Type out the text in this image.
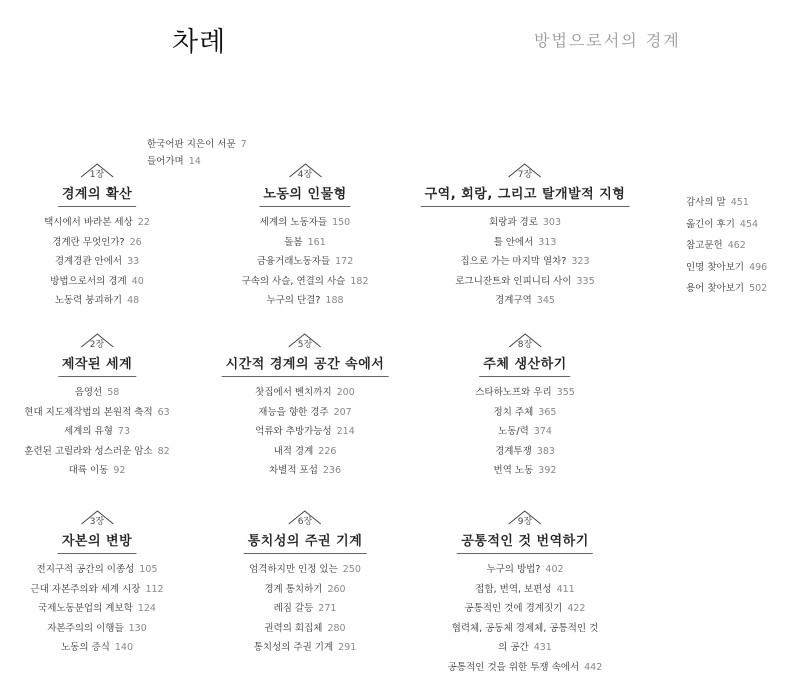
차례	방법으로서의 경계
한국어판 지은이 서문 7
들어가며 14
1장
경계의 확산
택시에서 바라본 세상 22
경계란 무엇인가? 26
경계경관 안에서 33
방법으로서의 경계 40
노동력 붕괴하기 48
2장
제작된 세계
음영선 58
현대 지도제작법의 본원적 축적 63
세계의 유형 73
훈련된 고릴라와 성스러운 암소 82
대륙 이동 92
3장
자본의 변방
전지구적 공간의 이종성 105
근대 자본주의와 세계 시장 112
국제노동분업의 계보학 124
자본주의의 이행들 130
노동의 증식 140
4장
노동의 인물형
세계의 노동자들 150
돌봄 161
금융거래노동자들 172
구속의 사슬, 연결의 사슬 182
누구의 단결? 188
5장
시간적 경계의 공간 속에서
찻집에서 벤치까지 200
재능을 향한 경주 207
억류와 추방가능성 214
내적 경계 226
차별적 포섭 236
6장
통치성의 주권 기계
엄격하지만 인정 있는 250
경계 통치하기 260
레짐 갈등 271
권력의 회집체 280
통치성의 주권 기계 291
7장
구역, 회랑, 그리고 탈개발적 지형
회랑과 경로 303
틀 안에서 313
집으로 가는 마지막 열차? 323
로그니잔트와 인피니티 사이 335
경계구역 345
8장
주체 생산하기
스타하노프와 우리 355
정치 주체 365
노동/력 374
경계투쟁 383
번역 노동 392
9장
공통적인 것 번역하기
누구의 방법? 402
접합, 번역, 보편성 411
공통적인 것에 경계짓기 422
협력체, 공동체 경제체, 공통적인 것
의 공간 431
공통적인 것을 위한 투쟁 속에서 442
감사의 말 451
옮긴이 후기 454
참고문헌 462
인명 찾아보기 496
용어 찾아보기 502
